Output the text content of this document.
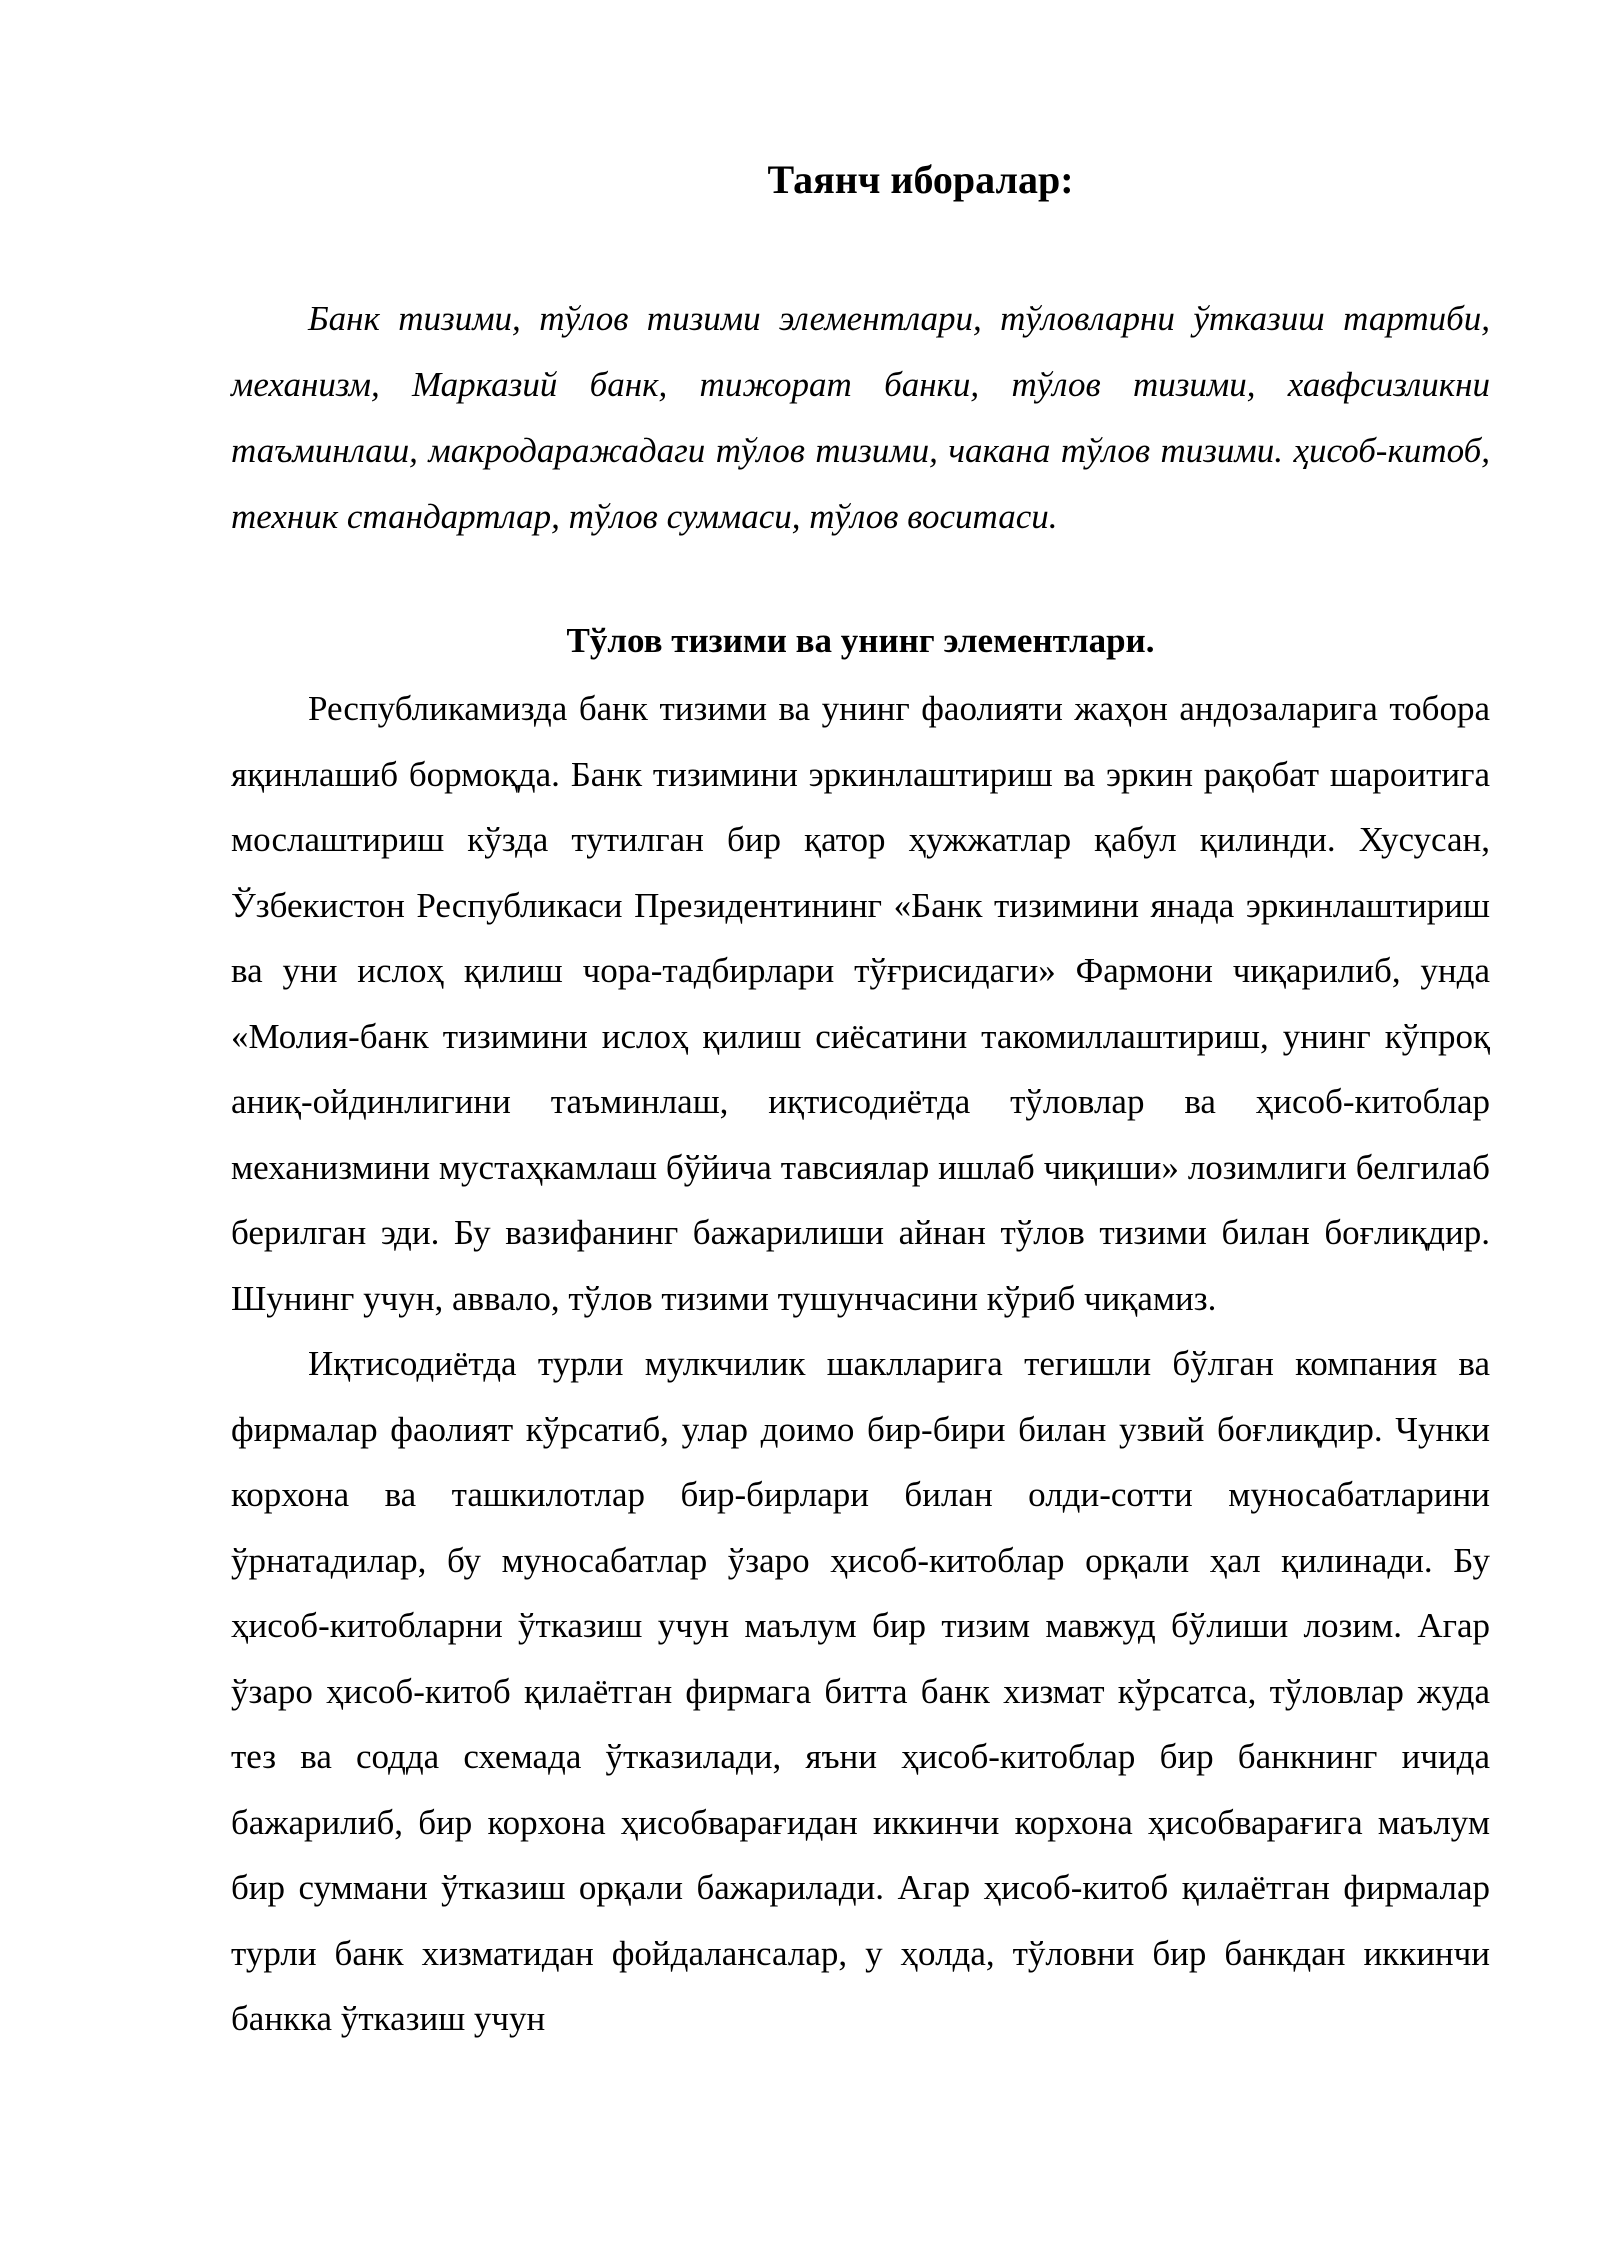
Таянч иборалар:

Банк тизими, тўлов тизими элементлари, тўловларни ўтказиш тартиби, механизм, Марказий банк, тижорат банки, тўлов тизими, хавфсизликни таъминлаш, макродаражадаги тўлов тизими, чакана тўлов тизими. ҳисоб-китоб, техник стандартлар, тўлов суммаси, тўлов воситаси.

Тўлов тизими ва унинг элементлари.

Республикамизда банк тизими ва унинг фаолияти жаҳон андозаларига тобора яқинлашиб бормоқда. Банк тизимини эркинлаштириш ва эркин рақобат шароитига мослаштириш кўзда тутилган бир қатор ҳужжатлар қабул қилинди. Хусусан, Ўзбекистон Республикаси Президентининг «Банк тизимини янада эркинлаштириш ва уни ислоҳ қилиш чора-тадбирлари тўғрисидаги» Фармони чиқарилиб, унда «Молия-банк тизимини ислоҳ қилиш сиёсатини такомиллаштириш, унинг кўпроқ аниқ-ойдинлигини таъминлаш, иқтисодиётда тўловлар ва ҳисоб-китоблар механизмини мустаҳкамлаш бўйича тавсиялар ишлаб чиқиши» лозимлиги белгилаб берилган эди. Бу вазифанинг бажарилиши айнан тўлов тизими билан боғлиқдир. Шунинг учун, аввало, тўлов тизими тушунчасини кўриб чиқамиз.

Иқтисодиётда турли мулкчилик шаклларига тегишли бўлган компания ва фирмалар фаолият кўрсатиб, улар доимо бир-бири билан узвий боғлиқдир. Чунки корхона ва ташкилотлар бир-бирлари билан олди-сотти муносабатларини ўрнатадилар, бу муносабатлар ўзаро ҳисоб-китоблар орқали ҳал қилинади. Бу ҳисоб-китобларни ўтказиш учун маълум бир тизим мавжуд бўлиши лозим. Агар ўзаро ҳисоб-китоб қилаётган фирмага битта банк хизмат кўрсатса, тўловлар жуда тез ва содда схемада ўтказилади, яъни ҳисоб-китоблар бир банкнинг ичида бажарилиб, бир корхона ҳисобварағидан иккинчи корхона ҳисобварағига маълум бир суммани ўтказиш орқали бажарилади. Агар ҳисоб-китоб қилаётган фирмалар турли банк хизматидан фойдалансалар, у ҳолда, тўловни бир банкдан иккинчи банкка ўтказиш учун
